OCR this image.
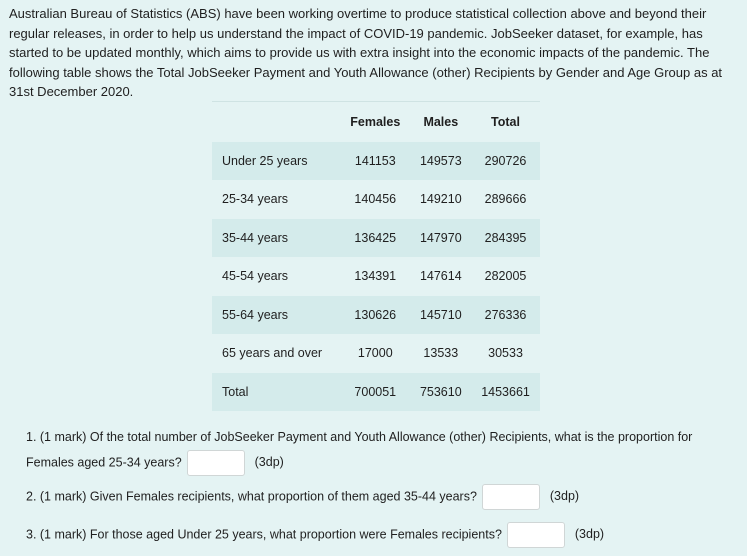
Australian Bureau of Statistics (ABS) have been working overtime to produce statistical collection above and beyond their regular releases, in order to help us understand the impact of COVID-19 pandemic. JobSeeker dataset, for example, has started to be updated monthly, which aims to provide us with extra insight into the economic impacts of the pandemic. The following table shows the Total JobSeeker Payment and Youth Allowance (other) Recipients by Gender and Age Group as at 31st December 2020.

	Females	Males	Total
Under 25 years	141153	149573	290726
25-34 years	140456	149210	289666
35-44 years	136425	147970	284395
45-54 years	134391	147614	282005
55-64 years	130626	145710	276336
65 years and over	17000	13533	30533
Total	700051	753610	1453661
1. (1 mark) Of the total number of JobSeeker Payment and Youth Allowance (other) Recipients, what is the proportion for Females aged 25-34 years?	(3dp)
2. (1 mark) Given Females recipients, what proportion of them aged 35-44 years?	(3dp)
3. (1 mark) For those aged Under 25 years, what proportion were Females recipients?	(3dp)
